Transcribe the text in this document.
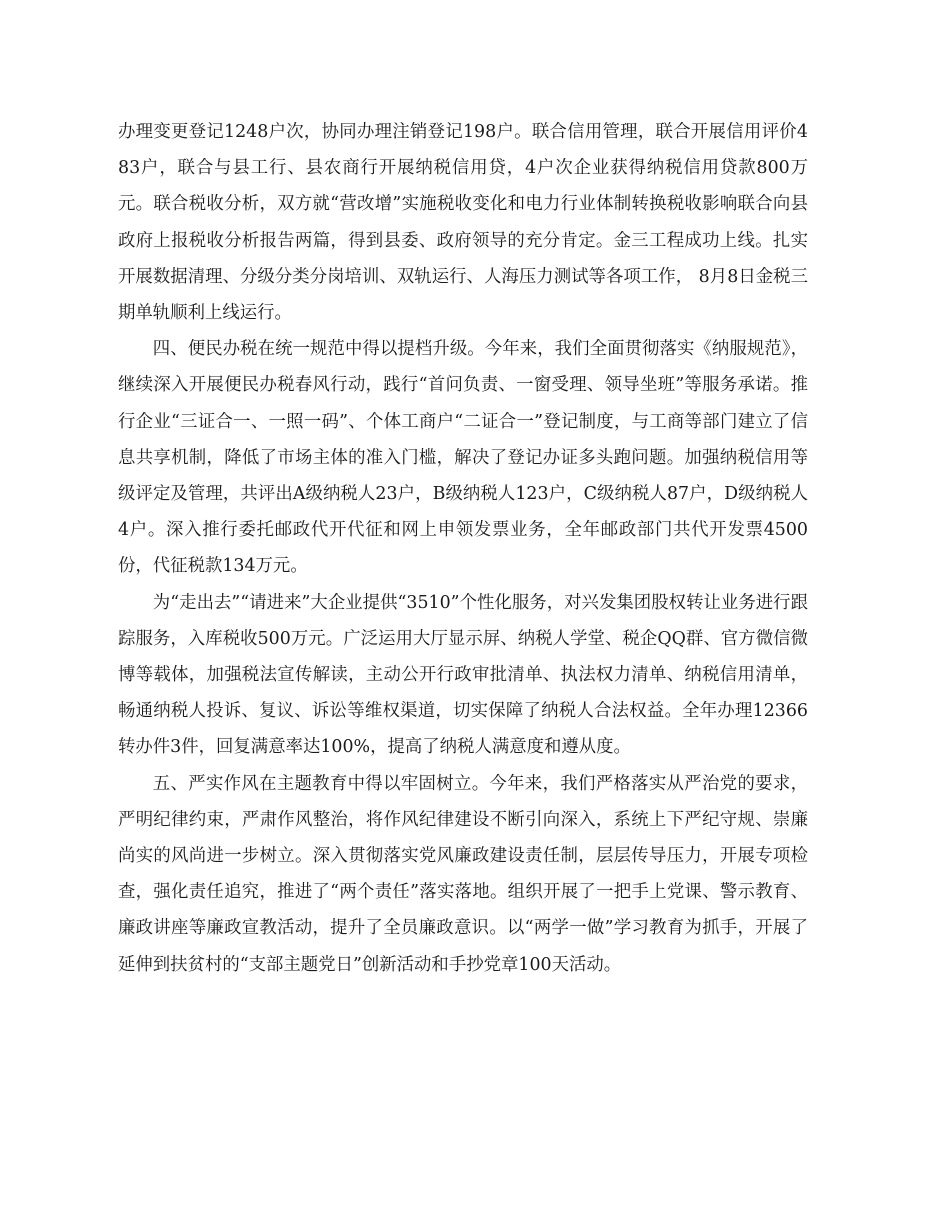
办理变更登记1248户次，协同办理注销登记198户。联合信用管理，联合开展信用评价483户，联合与县工行、县农商行开展纳税信用贷，4户次企业获得纳税信用贷款800万元。联合税收分析，双方就“营改增”实施税收变化和电力行业体制转换税收影响联合向县政府上报税收分析报告两篇，得到县委、政府领导的充分肯定。金三工程成功上线。扎实开展数据清理、分级分类分岗培训、双轨运行、人海压力测试等各项工作， 8月8日金税三期单轨顺利上线运行。

四、便民办税在统一规范中得以提档升级。今年来，我们全面贯彻落实《纳服规范》，继续深入开展便民办税春风行动，践行“首问负责、一窗受理、领导坐班”等服务承诺。推行企业“三证合一、一照一码”、个体工商户“二证合一”登记制度，与工商等部门建立了信息共享机制，降低了市场主体的准入门槛，解决了登记办证多头跑问题。加强纳税信用等级评定及管理，共评出A级纳税人23户，B级纳税人123户，C级纳税人87户，D级纳税人4户。深入推行委托邮政代开代征和网上申领发票业务，全年邮政部门共代开发票4500份，代征税款134万元。

为“走出去”“请进来”大企业提供“3510”个性化服务，对兴发集团股权转让业务进行跟踪服务，入库税收500万元。广泛运用大厅显示屏、纳税人学堂、税企QQ群、官方微信微博等载体，加强税法宣传解读，主动公开行政审批清单、执法权力清单、纳税信用清单，畅通纳税人投诉、复议、诉讼等维权渠道，切实保障了纳税人合法权益。全年办理12366转办件3件，回复满意率达100%，提高了纳税人满意度和遵从度。

五、严实作风在主题教育中得以牢固树立。今年来，我们严格落实从严治党的要求，严明纪律约束，严肃作风整治，将作风纪律建设不断引向深入，系统上下严纪守规、崇廉尚实的风尚进一步树立。深入贯彻落实党风廉政建设责任制，层层传导压力，开展专项检查，强化责任追究，推进了“两个责任”落实落地。组织开展了一把手上党课、警示教育、廉政讲座等廉政宣教活动，提升了全员廉政意识。以“两学一做”学习教育为抓手，开展了延伸到扶贫村的“支部主题党日”创新活动和手抄党章100天活动。
